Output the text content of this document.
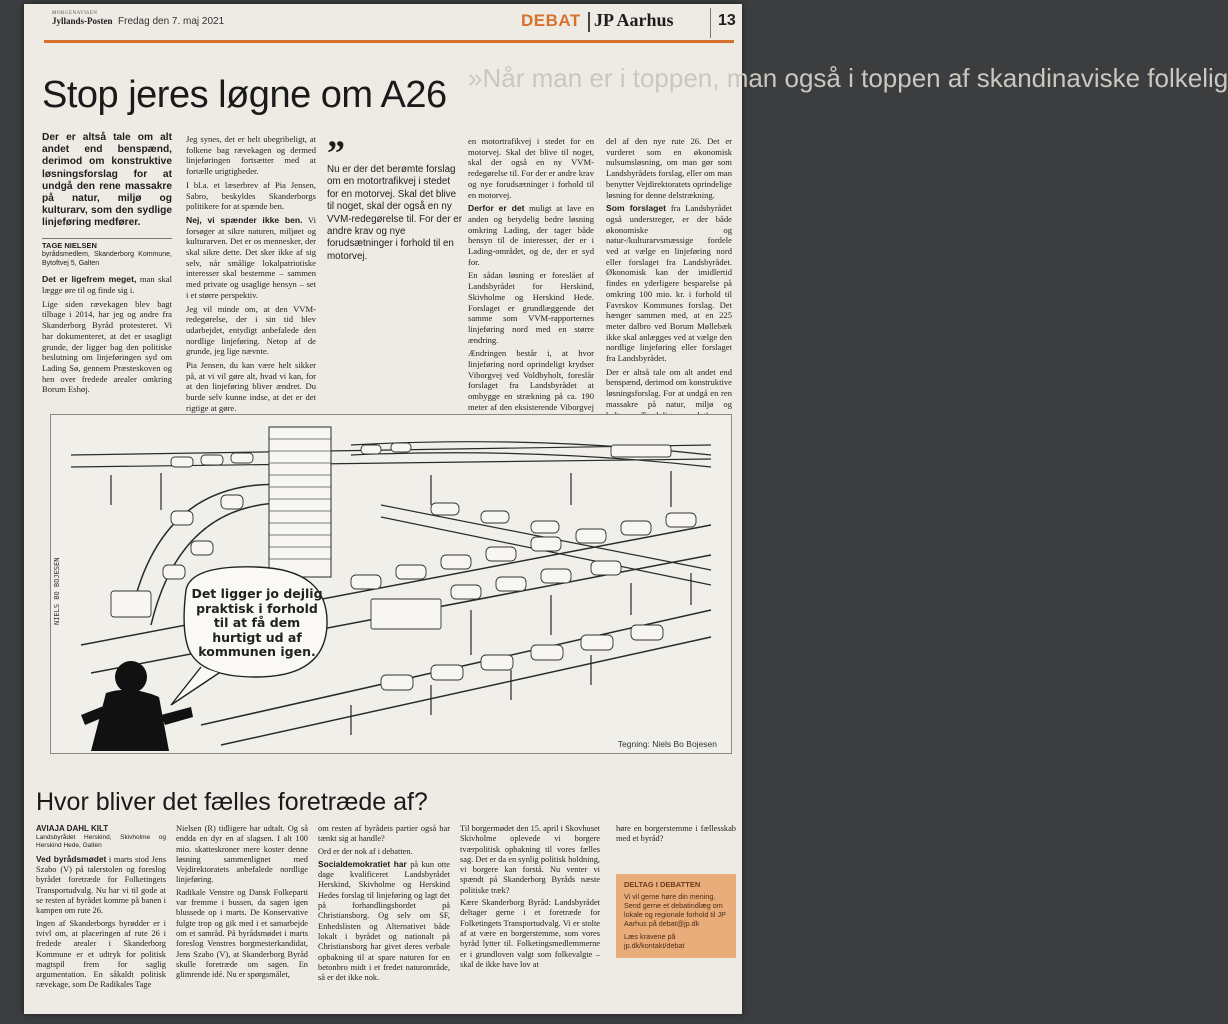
MORGENAVISEN
Jyllands-Posten Fredag den 7. maj 2021	DEBAT JP Aarhus	13
»Når man er i toppen, man også i toppen af skandinaviske folkelig
Stop jeres løgne om A26

Der er altså tale om alt andet end benspænd, derimod om konstruktive løsningsforslag for at undgå den rene massakre på natur, miljø og kulturarv, som den sydlige linjeføring medfører.

TAGE NIELSEN
byrådsmedlem, Skanderborg Kommune, Bytoftvej 5, Galten

Det er ligefrem meget, man skal lægge øre til og finde sig i.

Lige siden rævekagen blev bagt tilbage i 2014, har jeg og andre fra Skanderborg Byråd protesteret. Vi har dokumenteret, at det er usagligt grunde, der ligger bag den politiske beslutning om linjeføringen syd om Lading Sø, gennem Præsteskoven og hen over fredede arealer omkring Borum Eshøj.

Jeg synes, det er helt ubegribeligt, at folkene bag rævekagen og dermed linjeføringen fortsætter med at fortælle urigtigheder.

I bl.a. et læserbrev af Pia Jensen, Sabro, beskyldes Skanderborgs politikere for at spænde ben.

Nej, vi spænder ikke ben. Vi forsøger at sikre naturen, miljøet og kulturarven. Det er os mennesker, der skal sikre dette. Det sker ikke af sig selv, når smålige lokalpatriotiske interesser skal bestemme – sammen med private og usaglige hensyn – set i et større perspektiv.

Jeg vil minde om, at den VVM-redegørelse, der i sin tid blev udarbejdet, entydigt anbefalede den nordlige linjeføring. Netop af de grunde, jeg lige nævnte.

Pia Jensen, du kan være helt sikker på, at vi vil gøre alt, hvad vi kan, for at den linjeføring bliver ændret. Du burde selv kunne indse, at det er det rigtige at gøre.

”
Nu er der det berømte forslag om en motortrafikvej i stedet for en motorvej. Skal det blive til noget, skal der også en ny VVM-redegørelse til. For der er andre krav og nye forudsætninger i forhold til en motorvej.

en motortrafikvej i stedet for en motorvej. Skal det blive til noget, skal der også en ny VVM-redegørelse til. For der er andre krav og nye forudsætninger i forhold til en motorvej.

Derfor er det muligt at lave en anden og betydelig bedre løsning omkring Lading, der tager både hensyn til de interesser, der er i Lading-området, og de, der er syd for.

En sådan løsning er foreslået af Landsbyrådet for Herskind, Skivholme og Herskind Hede. Forslaget er grundlæggende det samme som VVM-rapporternes linjeføring nord med en større ændring.

Ændringen består i, at hvor linjeføring nord oprindeligt krydser Viborgvej ved Voldbyholt, foreslår forslaget fra Landsbyrådet at ombygge en strækning på ca. 190 meter af den eksisterende Viborgvej

del af den nye rute 26. Det er vurderet som en økonomisk nulsumsløsning, om man gør som Landsbyrådets forslag, eller om man benytter Vejdirektoratets oprindelige løsning for denne delstrækning.

Som forslaget fra Landsbyrådet også understreger, er der både økonomiske og natur-/kulturarvsmæssige fordele ved at vælge en linjeføring nord eller forslaget fra Landsbyrådet. Økonomisk kan der imidlertid findes en yderligere besparelse på omkring 100 mio. kr. i forhold til Favrskov Kommunes forslag. Det hænger sammen med, at en 225 meter dalbro ved Borum Møllebæk ikke skal anlægges ved at vælge den nordlige linjeføring eller forslaget fra Landsbyrådet.

Der er altså tale om alt andet end benspænd, derimod om konstruktive løsningsforslag. For at undgå en ren massakre på natur, miljø og

Det ligger jo dejlig praktisk i forhold til at få dem hurtigt ud af kommunen igen.
NIELS BO BOJESEN
Tegning: Niels Bo Bojesen
Hvor bliver det fælles foretræde af?
AVIAJA DAHL KILT
Landsbyrådet Herskind, Skivholme og Herskind Hede, Galten

Ved byrådsmødet i marts stod Jens Szabo (V) på talerstolen og foreslog byrådet foretræde for Folketingets Transportudvalg. Nu har vi til gode at se resten af byrådet komme på banen i kampen om rute 26.

Ingen af Skanderborgs byrødder er i tvivl om, at placeringen af rute 26 i fredede arealer i Skanderborg Kommune er et udtryk for politisk magtspil frem for saglig argumentation. En såkaldt politisk rævekage, som De Radikales Tage

Nielsen (R) tidligere har udtalt. Og så endda en dyr en af slagsen. I alt 100 mio. skatteskroner mere koster denne løsning sammenlignet med Vejdirektoratets anbefalede nordlige linjeføring.

Radikale Venstre og Dansk Folkeparti var fremme i bussen, da sagen igen blussede op i marts. De Konservative fulgte trop og gik med i et samarbejde om et samråd. På byrådsmødet i marts foreslog Venstres borgmesterkandidat, Jens Szabo (V), at Skanderborg Byråd skulle foretræde om sagen. En glimrende idé. Nu er spørgsmålet,

om resten af byrådets partier også har tænkt sig at handle?

Ord er der nok af i debatten.

Socialdemokratiet har på kun otte dage kvalificeret Landsbyrådet Herskind, Skivholme og Herskind Hedes forslag til linjeføring og lagt det på forhandlingsbordet på Christiansborg. Og selv om SF, Enhedslisten og Alternativet både lokalt i byrådet og nationalt på Christiansborg har givet deres verbale opbakning til at spare naturen for en betonbro midt i et fredet naturområde, så er det ikke nok.

Til borgermødet den 15. april i Skovhuset Skivholme oplevede vi borgere tværpolitisk opbakning til vores fælles sag. Det er da en synlig politisk holdning, vi borgere kan forstå. Nu venter vi spændt på Skanderborg Byråds næste politiske træk?

Kære Skanderborg Byråd: Landsbyrådet deltager gerne i et foretræde for Folketingets Transportudvalg. Vi er stolte af at være en borgerstemme, som vores byråd lytter til. Folketingsmedlemmerne er i grundloven valgt som folkevalgte – skal de ikke have lov at

høre en borgerstemme i fællesskab med et byråd?

DELTAG I DEBATTEN
Vi vil gerne høre din mening. Send gerne et debatindlæg om lokale og regionale forhold til JP Aarhus på debat@jp.dk
Læs kravene på jp.dk/kontakt/debat
